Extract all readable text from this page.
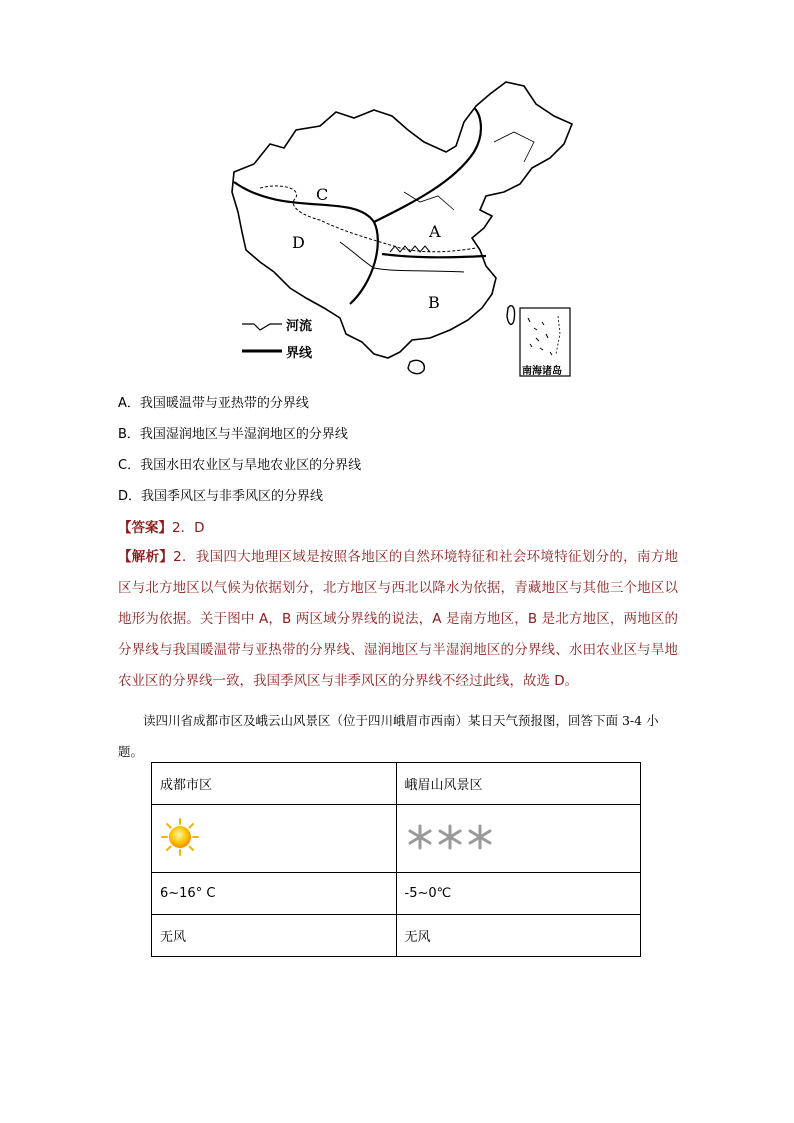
C
D
A
B
河流
界线
南海诸岛
A．我国暖温带与亚热带的分界线
B．我国湿润地区与半湿润地区的分界线
C．我国水田农业区与旱地农业区的分界线
D．我国季风区与非季风区的分界线
【答案】2．D
【解析】2．我国四大地理区域是按照各地区的自然环境特征和社会环境特征划分的，南方地区与北方地区以气候为依据划分，北方地区与西北以降水为依据，青藏地区与其他三个地区以地形为依据。关于图中 A，B 两区域分界线的说法，A 是南方地区，B 是北方地区，两地区的分界线与我国暖温带与亚热带的分界线、湿润地区与半湿润地区的分界线、水田农业区与旱地农业区的分界线一致，我国季风区与非季风区的分界线不经过此线，故选 D。
读四川省成都市区及峨云山风景区（位于四川峨眉市西南）某日天气预报图，回答下面 3-4 小题。
成都市区	峨眉山风景区

6~16° C	-5~0℃
无风	无风
